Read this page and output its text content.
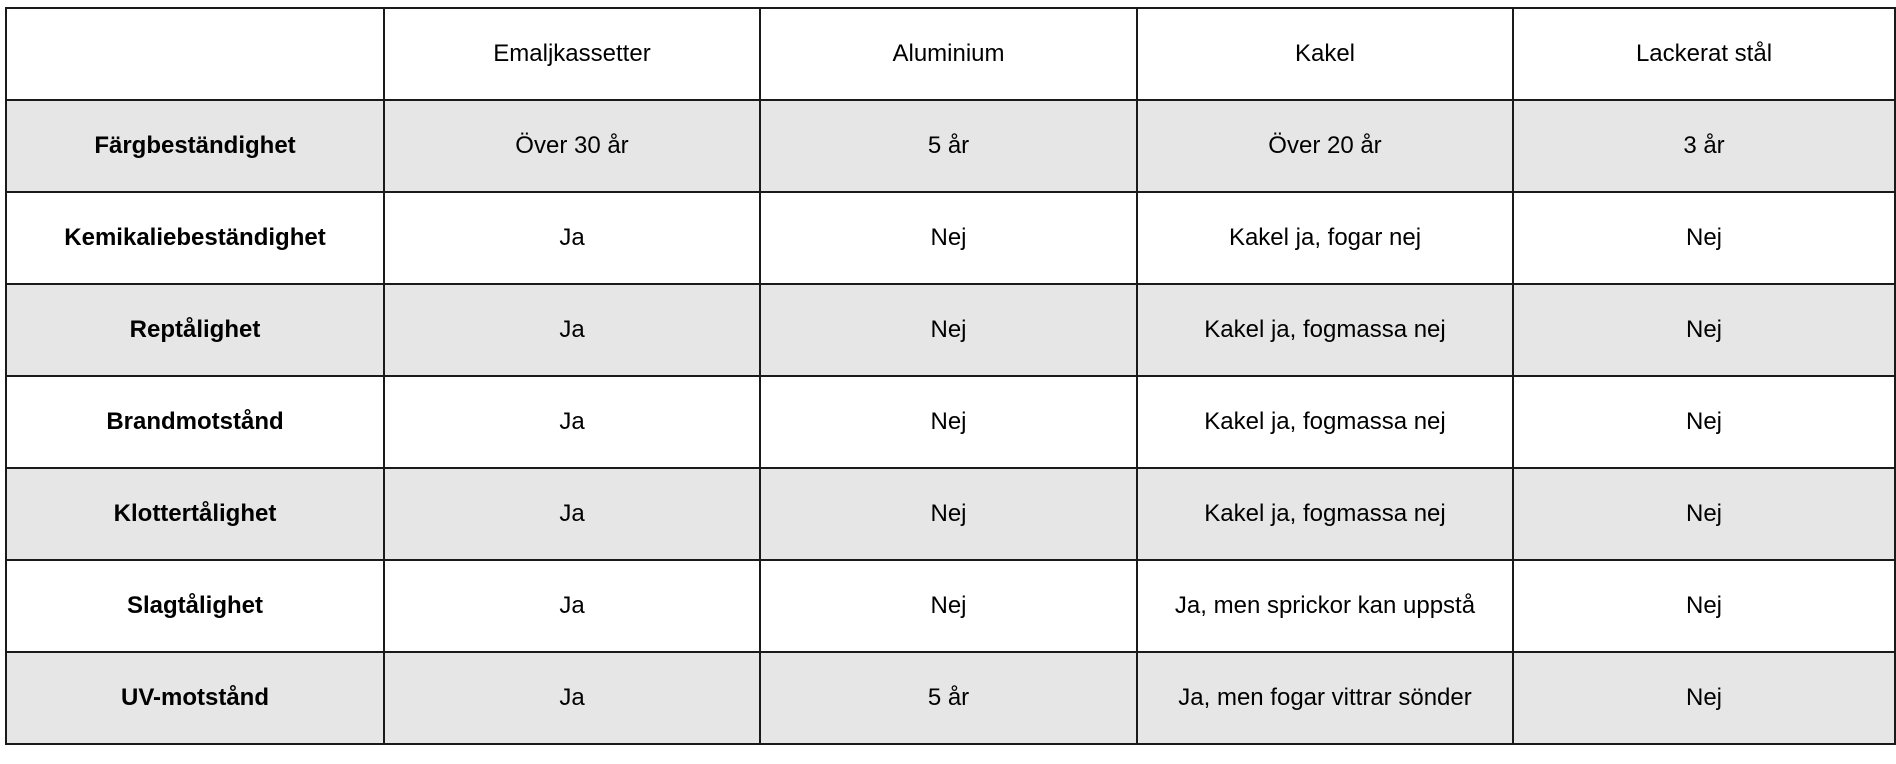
	Emaljkassetter	Aluminium	Kakel	Lackerat stål
Färgbeständighet	Över 30 år	5 år	Över 20 år	3 år
Kemikaliebeständighet	Ja	Nej	Kakel ja, fogar nej	Nej
Reptålighet	Ja	Nej	Kakel ja, fogmassa nej	Nej
Brandmotstånd	Ja	Nej	Kakel ja, fogmassa nej	Nej
Klottertålighet	Ja	Nej	Kakel ja, fogmassa nej	Nej
Slagtålighet	Ja	Nej	Ja, men sprickor kan uppstå	Nej
UV-motstånd	Ja	5 år	Ja, men fogar vittrar sönder	Nej
